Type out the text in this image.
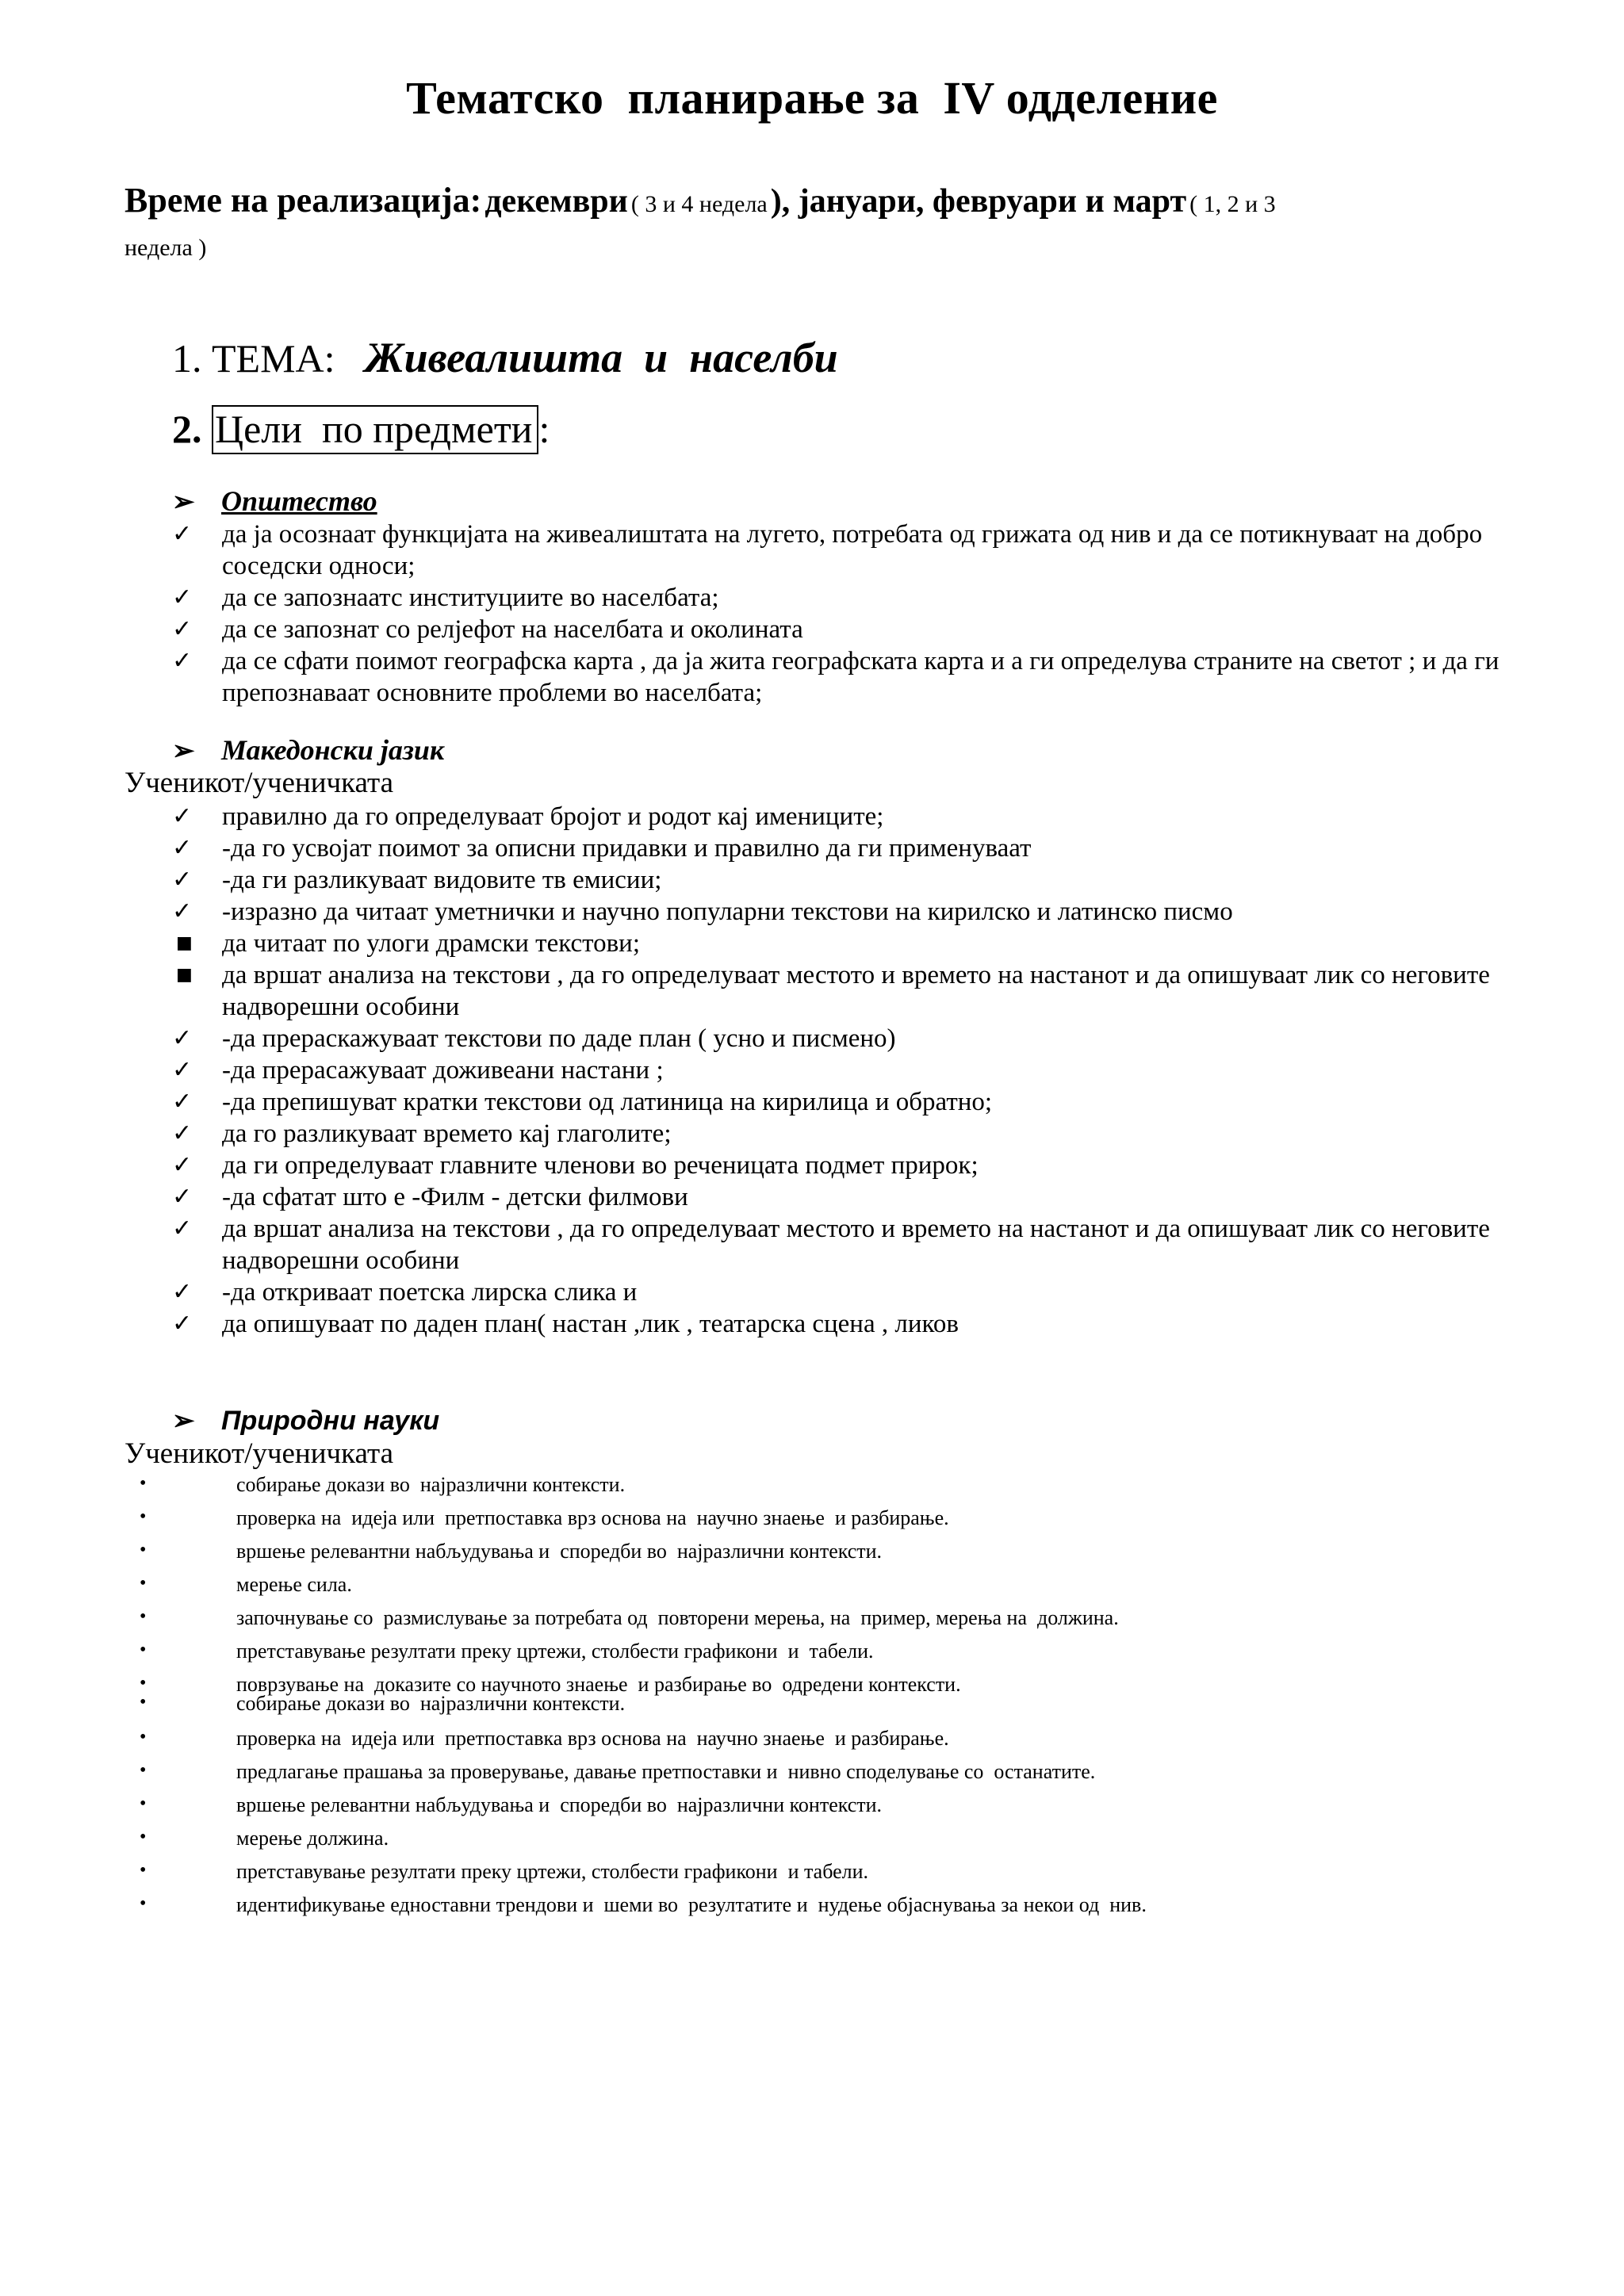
Тематско  планирање за  IV одделение
Време на реализација: декември ( 3 и 4 недела ), јануари, февруари и март ( 1, 2 и 3
недела )
1. ТЕМА: Живеалишта  и  населби
2. Цели  по предмети :
➢ Општество
✓ да ја осознаат функцијата на живеалиштата на лугето, потребата од грижата од нив и да се потикнуваат на добро соседски односи;
✓ да се запознаатс институциите во населбата;
✓ да се запознат со релјефот на населбата и околината
✓ да се сфати поимот географска карта , да ја жита географската карта и а ги определува страните на светот ; и да ги препознаваат основните проблеми во населбата;
➢ Македонски јазик
Ученикот/ученичката
✓ правилно да го определуваат бројот и родот кај имениците;
✓ -да го усвојат поимот за описни придавки и правилно да ги применуваат
✓ -да ги разликуваат видовите тв емисии;
✓ -изразно да читаат уметнички и научно популарни текстови на кирилско и латинско писмо
■ да читаат по улоги драмски текстови;
■ да вршат анализа на текстови , да го определуваат местото и времето на настанот и да опишуваат лик со неговите надворешни особини
✓ -да прераскажуваат текстови по даде план ( усно и писмено)
✓ -да прерасажуваат доживеани настани ;
✓ -да препишуват кратки текстови од латиница на кирилица и обратно;
✓ да го разликуваат времето кај глаголите;
✓ да ги определуваат главните членови во реченицата подмет прирок;
✓ -да сфатат што е -Филм - детски филмови
✓ да вршат анализа на текстови , да го определуваат местото и времето на настанот и да опишуваат лик со неговите надворешни особини
✓ -да откриваат поетска лирска слика и
✓ да опишуваат по даден план( настан ,лик , театарска сцена , ликов
➢ Природни науки
Ученикот/ученичката
•	собирање докази во  најразлични контексти.
•	проверка на  идеја или  претпоставка врз основа на  научно знаење  и разбирање.
•	вршење релевантни набљудувања и  споредби во  најразлични контексти.
•	мерење сила.
•	започнување со  размислување за потребата од  повторени мерења, на  пример, мерења на  должина.
•	претставување резултати преку цртежи, столбести графикони  и  табели.
•	поврзување на  доказите со научното знаење  и разбирање во  одредени контексти.
•	собирање докази во  најразлични контексти.
•	проверка на  идеја или  претпоставка врз основа на  научно знаење  и разбирање.
•	предлагање прашања за проверување, давање претпоставки и  нивно споделување со  останатите.
•	вршење релевантни набљудувања и  споредби во  најразлични контексти.
•	мерење должина.
•	претставување резултати преку цртежи, столбести графикони  и табели.
•	идентификување едноставни трендови и  шеми во  резултатите и  нудење објаснувања за некои од  нив.
